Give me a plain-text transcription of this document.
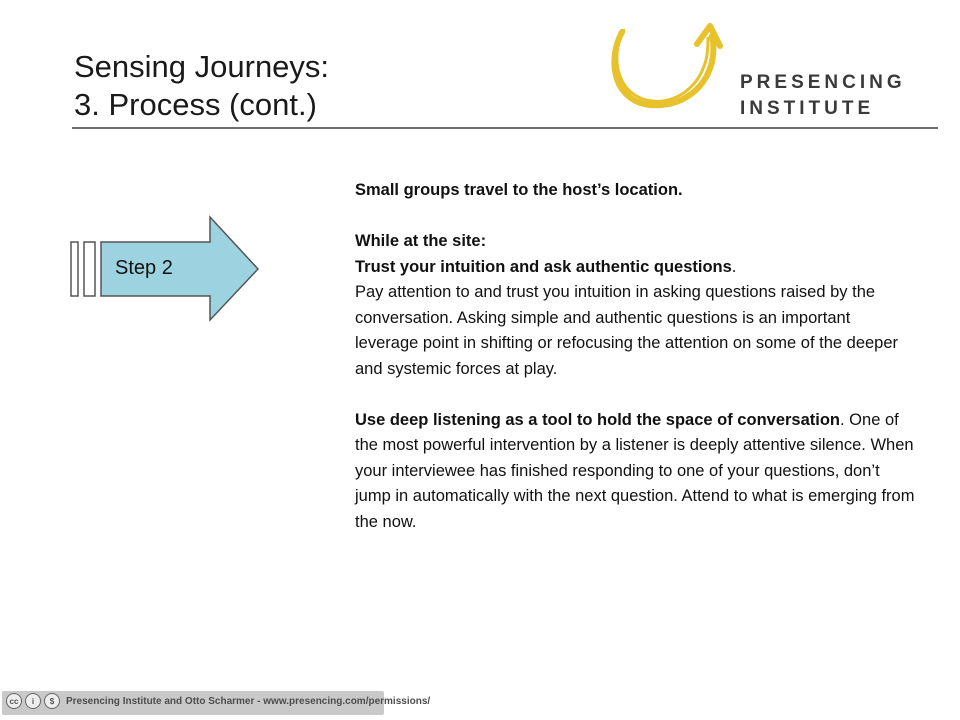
Sensing Journeys:
3. Process (cont.)
PRESENCING
INSTITUTE
Step 2

Small groups travel to the host’s location.

While at the site:

Trust your intuition and ask authentic questions.

Pay attention to and trust you intuition in asking questions raised by the conversation. Asking simple and authentic questions is an important leverage point in shifting or refocusing the attention on some of the deeper and systemic forces at play.

Use deep listening as a tool to hold the space of conversation. One of the most powerful intervention by a listener is deeply attentive silence. When your interviewee has finished responding to one of your questions, don’t jump in automatically with the next question. Attend to what is emerging from the now.

cc	i	$	Presencing Institute and Otto Scharmer - www.presencing.com/permissions/
